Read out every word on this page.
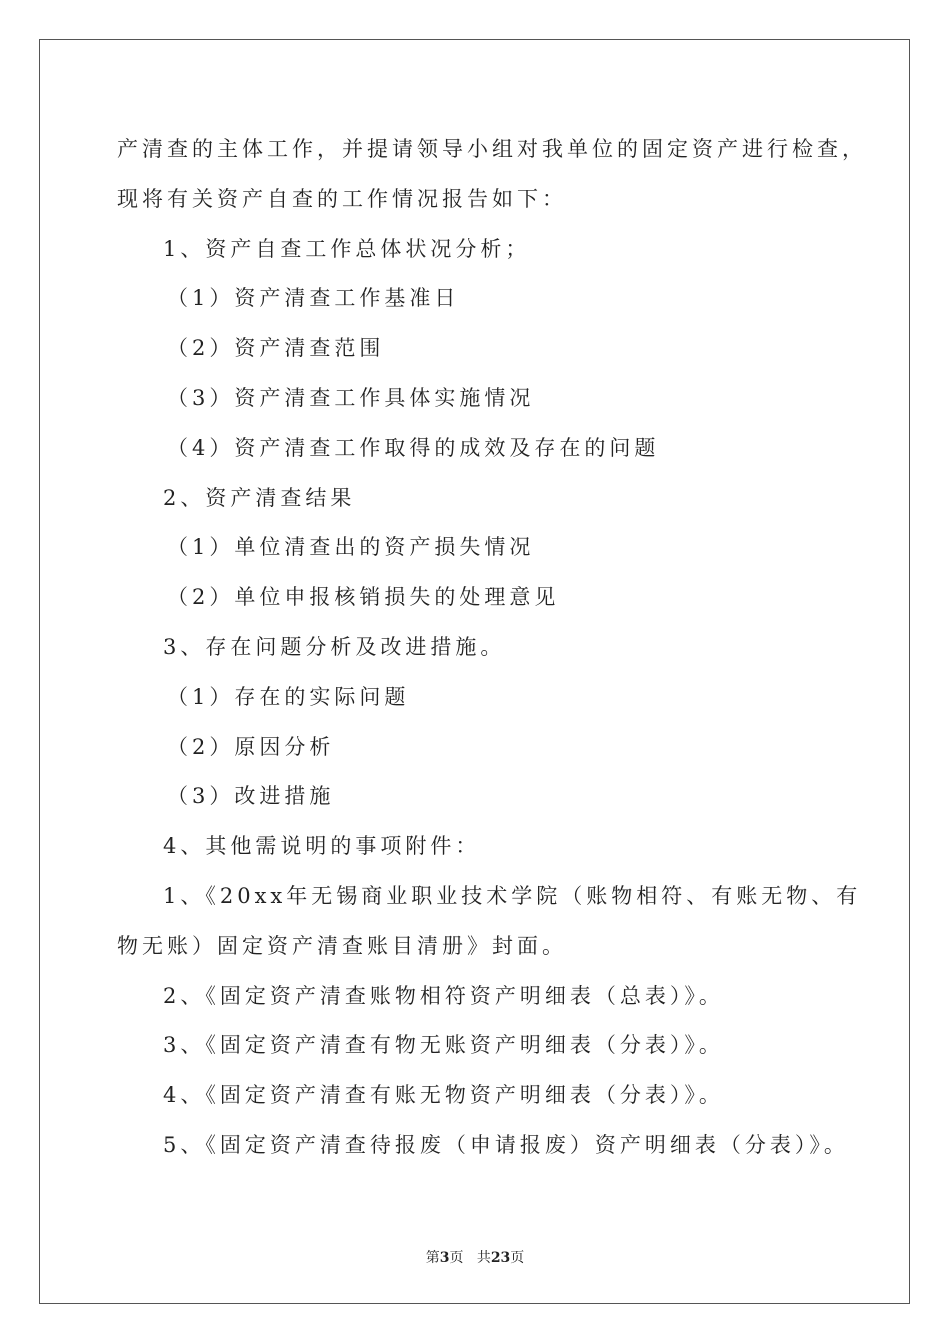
产清查的主体工作，并提请领导小组对我单位的固定资产进行检查，

现将有关资产自查的工作情况报告如下：

1、资产自查工作总体状况分析；

（1）资产清查工作基准日

（2）资产清查范围

（3）资产清查工作具体实施情况

（4）资产清查工作取得的成效及存在的问题

2、资产清查结果

（1）单位清查出的资产损失情况

（2）单位申报核销损失的处理意见

3、存在问题分析及改进措施。

（1）存在的实际问题

（2）原因分析

（3）改进措施

4、其他需说明的事项附件：

1、《20xx年无锡商业职业技术学院（账物相符、有账无物、有

物无账）固定资产清查账目清册》封面。

2、《固定资产清查账物相符资产明细表（总表）》。

3、《固定资产清查有物无账资产明细表（分表）》。

4、《固定资产清查有账无物资产明细表（分表）》。

5、《固定资产清查待报废（申请报废）资产明细表（分表）》。

第3页 共23页
